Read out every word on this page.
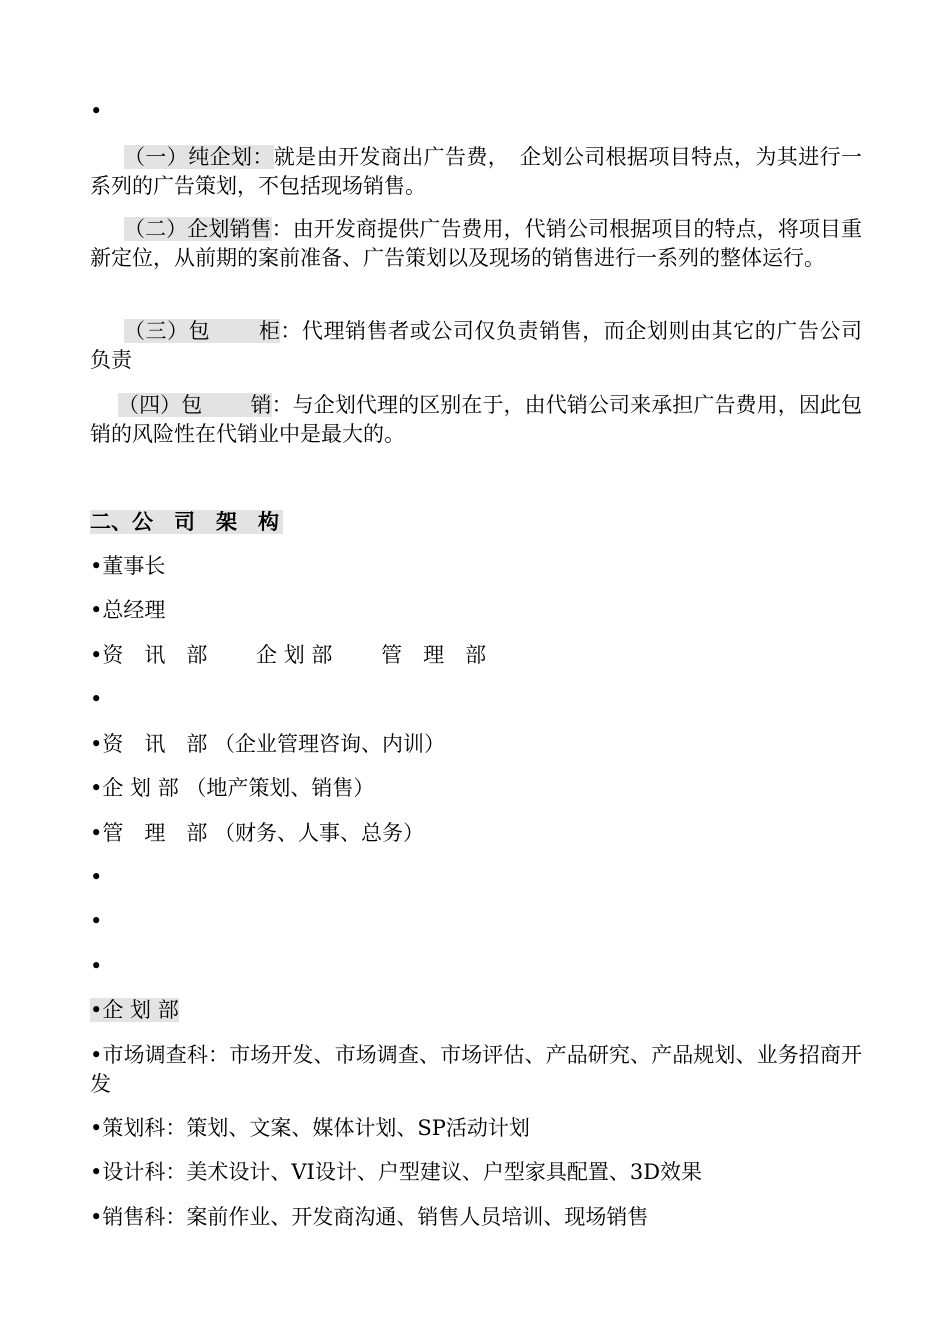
•
（一）纯企划：就是由开发商出广告费，　企划公司根据项目特点，为其进行一系列的广告策划，不包括现场销售。
（二）企划销售：由开发商提供广告费用，代销公司根据项目的特点，将项目重新定位，从前期的案前准备、广告策划以及现场的销售进行一系列的整体运行。
（三）包 柜：代理销售者或公司仅负责销售，而企划则由其它的广告公司负责
（四）包 销：与企划代理的区别在于，由代销公司来承担广告费用，因此包销的风险性在代销业中是最大的。
二、公　司　架　构
•董事长
•总经理
•资　讯　部　　 企 划 部　　 管　理　部
•
•资　讯　部 （企业管理咨询、内训）
•企 划 部 （地产策划、销售）
•管　理　部 （财务、人事、总务）
•
•
•
•企 划 部
•市场调查科：市场开发、市场调查、市场评估、产品研究、产品规划、业务招商开发
•策划科：策划、文案、媒体计划、SP活动计划
•设计科：美术设计、VI设计、户型建议、户型家具配置、3D效果
•销售科：案前作业、开发商沟通、销售人员培训、现场销售
